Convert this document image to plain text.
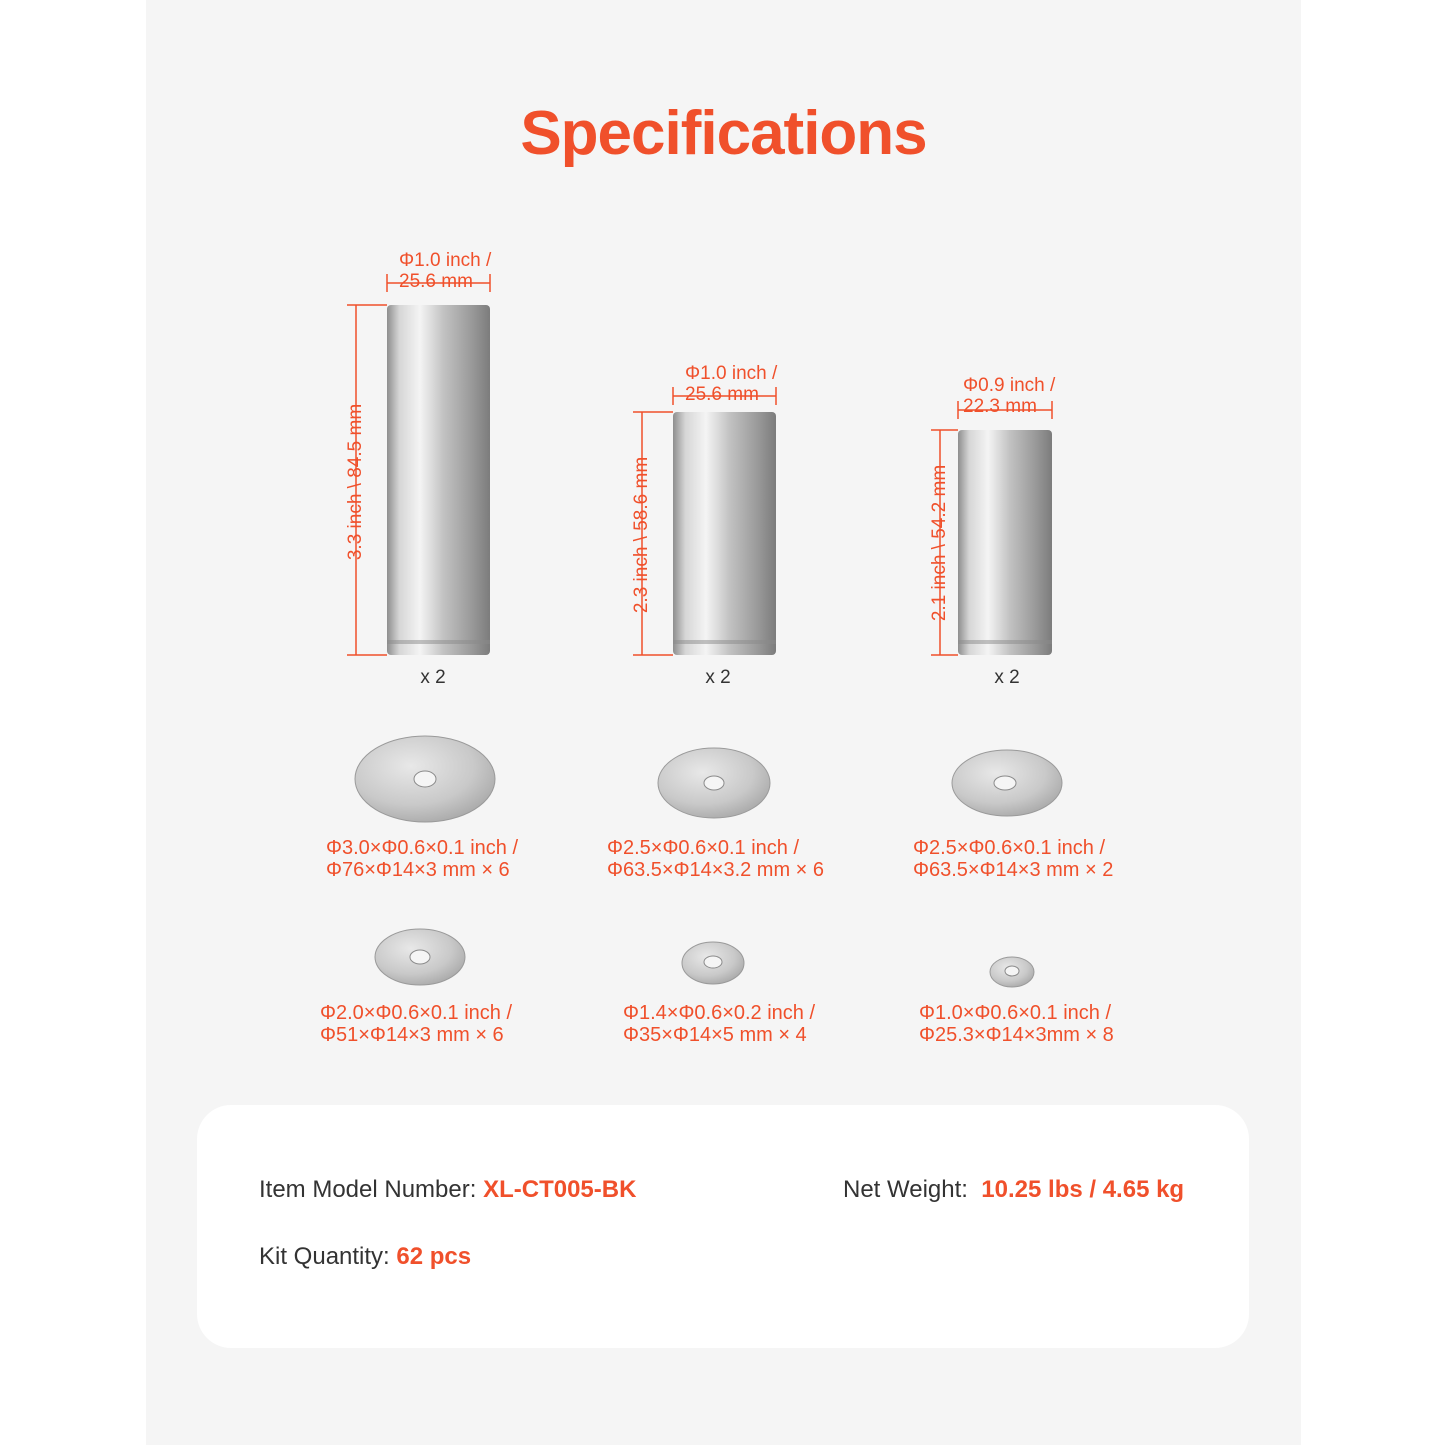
Specifications
Φ1.0 inch /
25.6 mm
3.3 inch \ 84.5 mm
x 2
Φ1.0 inch /
25.6 mm
2.3 inch \ 58.6 mm
x 2
Φ0.9 inch /
22.3 mm
2.1 inch \ 54.2 mm
x 2
Φ3.0×Φ0.6×0.1 inch /
Φ76×Φ14×3 mm × 6
Φ2.5×Φ0.6×0.1 inch /
Φ63.5×Φ14×3.2 mm × 6
Φ2.5×Φ0.6×0.1 inch /
Φ63.5×Φ14×3 mm × 2
Φ2.0×Φ0.6×0.1 inch /
Φ51×Φ14×3 mm × 6
Φ1.4×Φ0.6×0.2 inch /
Φ35×Φ14×5 mm × 4
Φ1.0×Φ0.6×0.1 inch /
Φ25.3×Φ14×3mm × 8
Item Model Number: XL-CT005-BK	Net Weight:  10.25 lbs / 4.65 kg
Kit Quantity: 62 pcs
